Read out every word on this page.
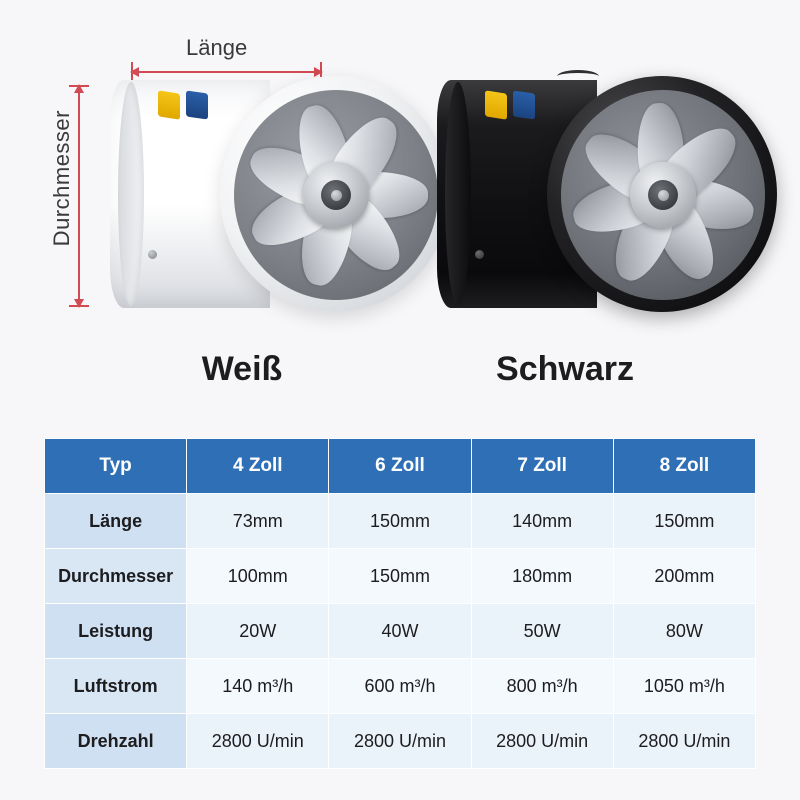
Länge
Durchmesser
Weiß	Schwarz
Typ	4 Zoll	6 Zoll	7 Zoll	8 Zoll
Länge	73mm	150mm	140mm	150mm
Durchmesser	100mm	150mm	180mm	200mm
Leistung	20W	40W	50W	80W
Luftstrom	140 m³/h	600 m³/h	800 m³/h	1050 m³/h
Drehzahl	2800 U/min	2800 U/min	2800 U/min	2800 U/min
